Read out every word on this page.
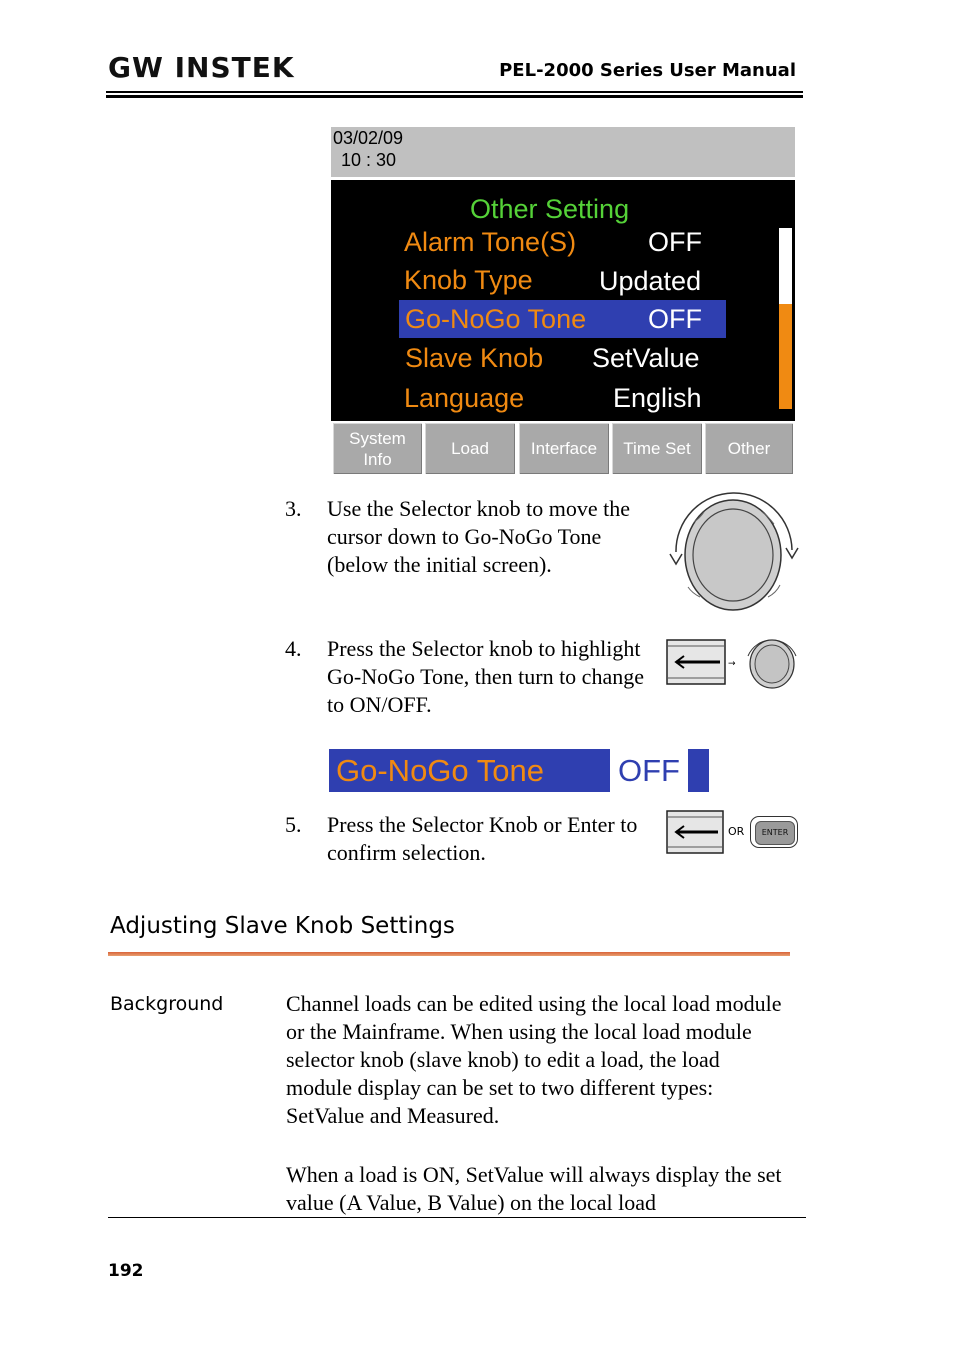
GW INSTEK	PEL-2000 Series User Manual
03/02/09
10 : 30
Other Setting
Alarm Tone(S)	OFF
Knob Type Updated
Go-NoGo Tone OFF
Slave Knob SetValue
Language	English
System Info
Load	Interface	Time Set	Other
3. Use the Selector knob to move the cursor down to Go-NoGo Tone (below the initial screen).
4. Press the Selector knob to highlight Go-NoGo Tone, then turn to change to ON/OFF.
→
Go-NoGo Tone OFF
5. Press the Selector Knob or Enter to confirm selection.
OR	ENTER
Adjusting Slave Knob Settings
Background	Channel loads can be edited using the local load module or the Mainframe. When using the local load module selector knob (slave knob) to edit a load, the load module display can be set to two different types: SetValue and Measured.
When a load is ON, SetValue will always display the set value (A Value, B Value) on the local load
192
